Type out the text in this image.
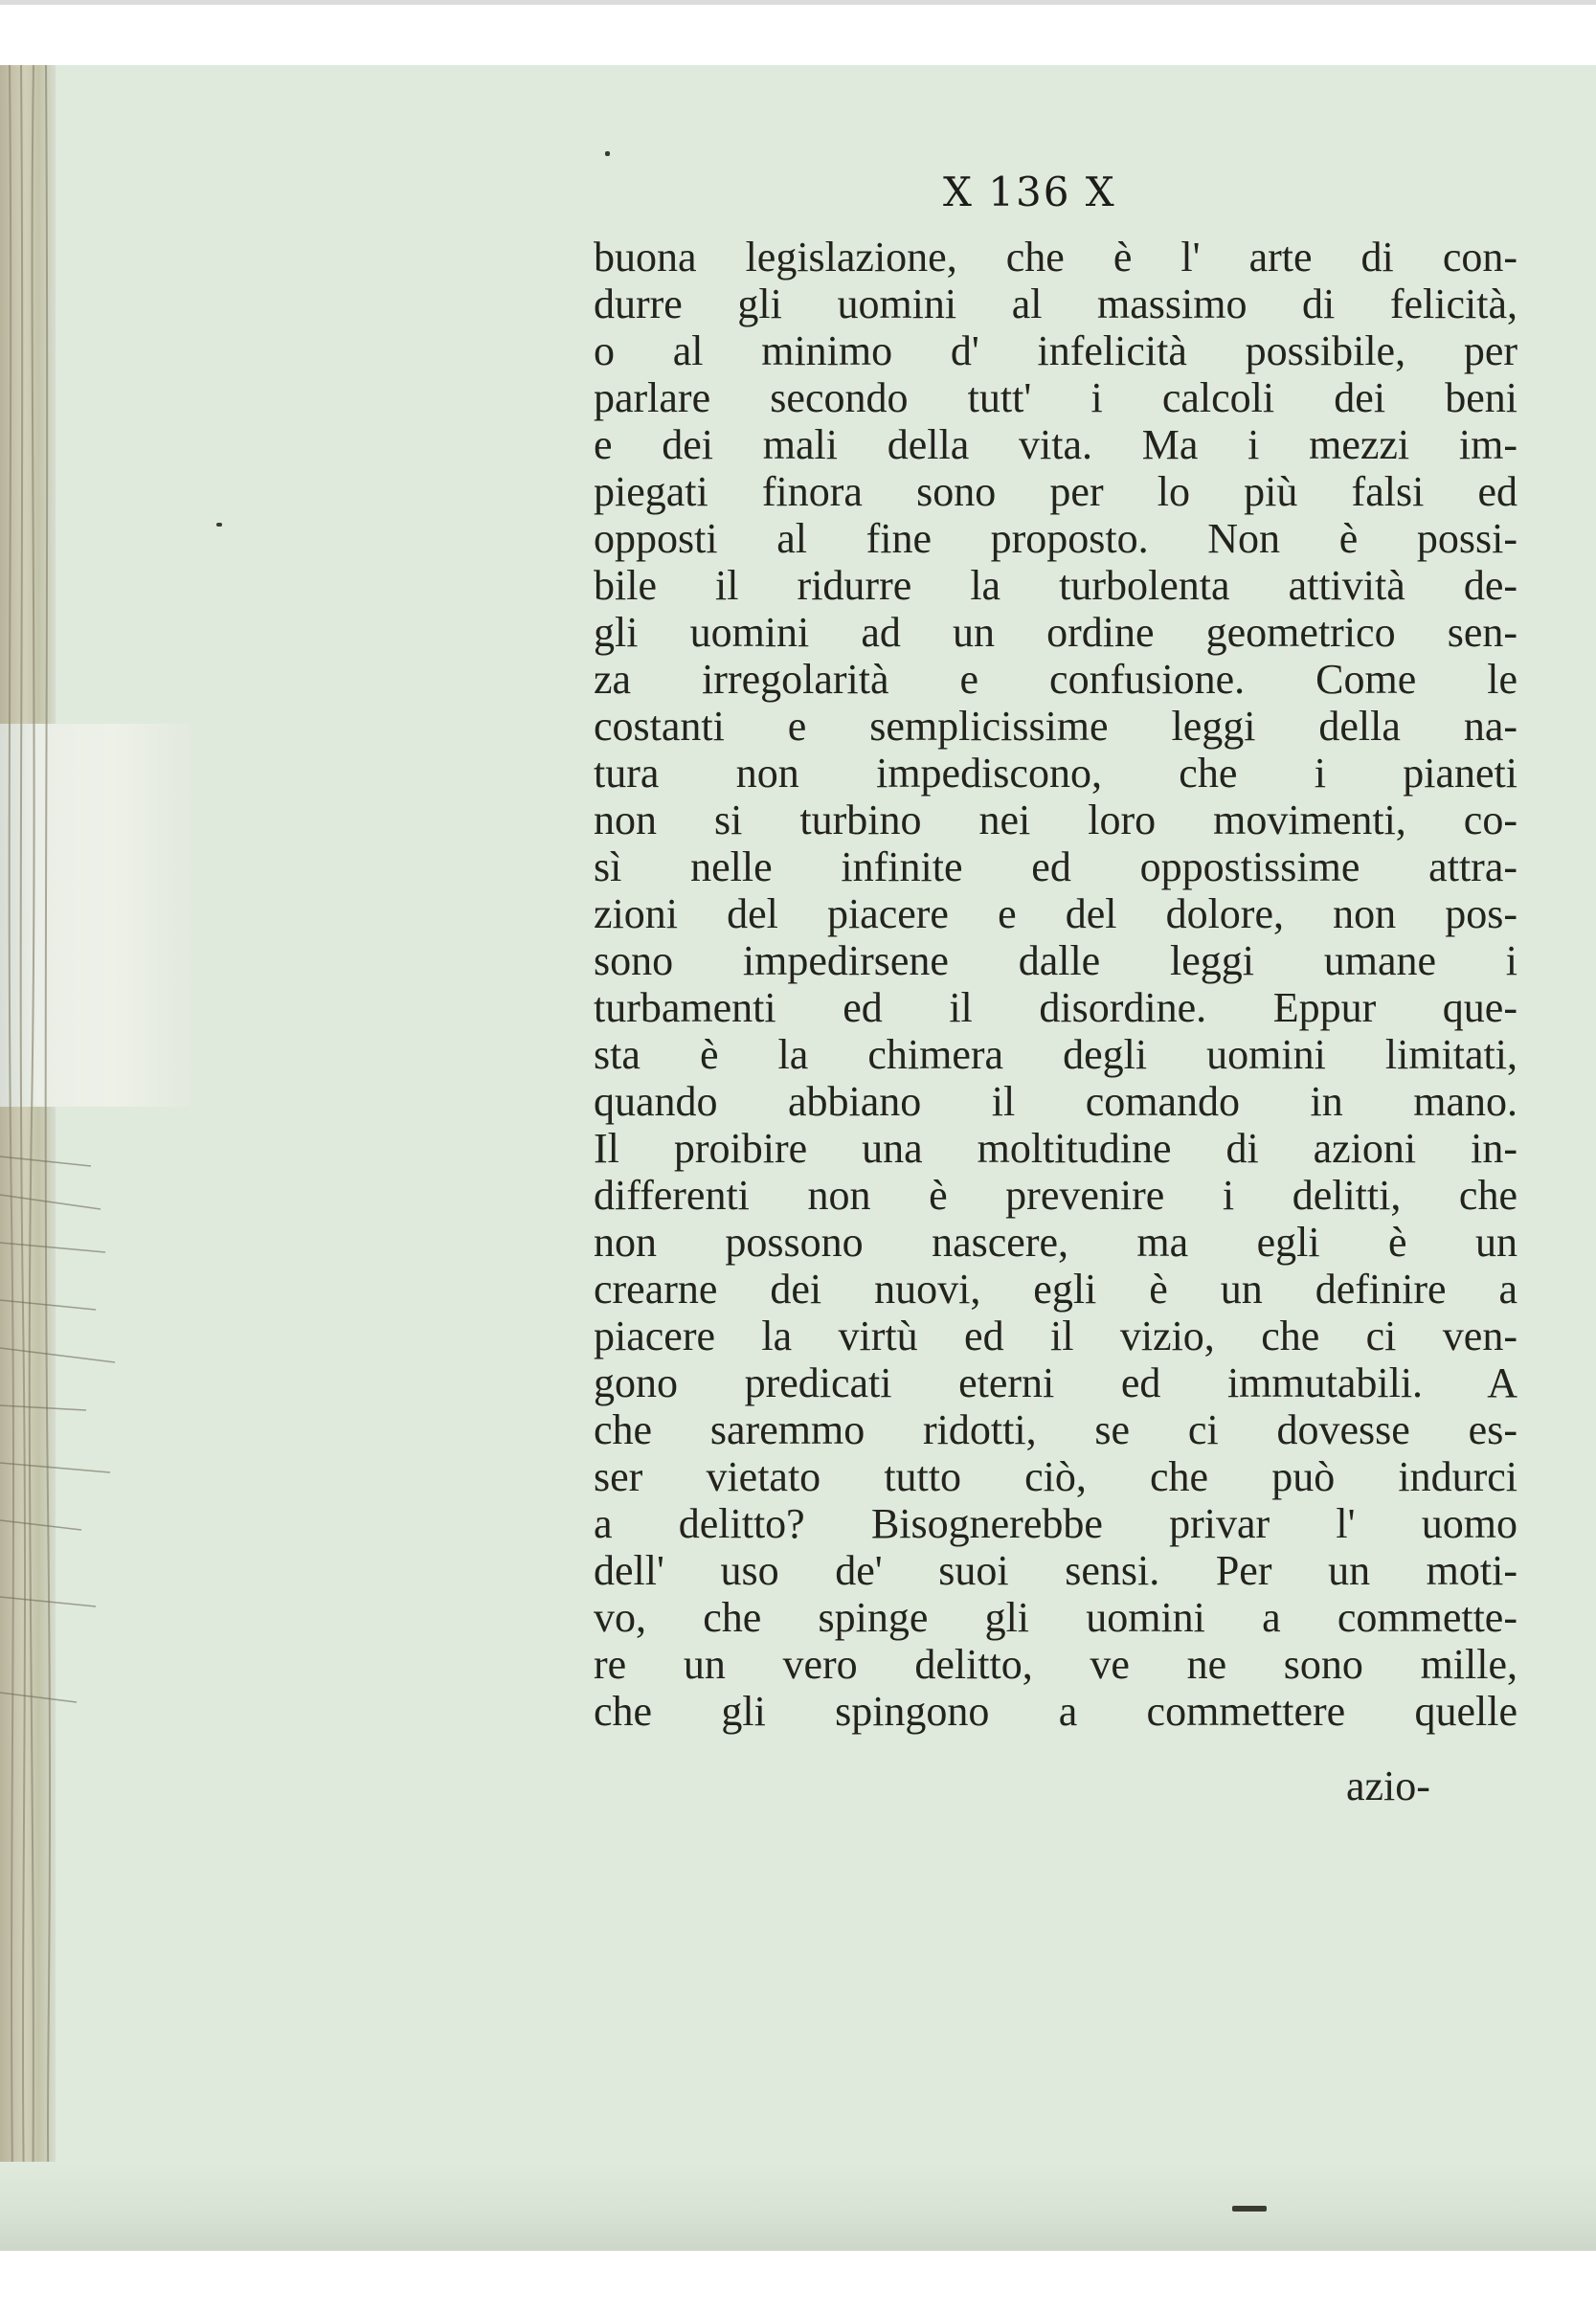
X 136 X
buona legislazione, che è l' arte di con-
durre gli uomini al massimo di felicità,
o al minimo d' infelicità possibile, per
parlare secondo tutt' i calcoli dei beni
e dei mali della vita. Ma i mezzi im-
piegati finora sono per lo più falsi ed
opposti al fine proposto. Non è possi-
bile il ridurre la turbolenta attività de-
gli uomini ad un ordine geometrico sen-
za irregolarità e confusione. Come le
costanti e semplicissime leggi della na-
tura non impediscono, che i pianeti
non si turbino nei loro movimenti, co-
sì nelle infinite ed oppostissime attra-
zioni del piacere e del dolore, non pos-
sono impedirsene dalle leggi umane i
turbamenti ed il disordine. Eppur que-
sta è la chimera degli uomini limitati,
quando abbiano il comando in mano.
Il proibire una moltitudine di azioni in-
differenti non è prevenire i delitti, che
non possono nascere, ma egli è un
crearne dei nuovi, egli è un definire a
piacere la virtù ed il vizio, che ci ven-
gono predicati eterni ed immutabili. A
che saremmo ridotti, se ci dovesse es-
ser vietato tutto ciò, che può indurci
a delitto? Bisognerebbe privar l' uomo
dell' uso de' suoi sensi. Per un moti-
vo, che spinge gli uomini a commette-
re un vero delitto, ve ne sono mille,
che gli spingono a commettere quelle
azio-
